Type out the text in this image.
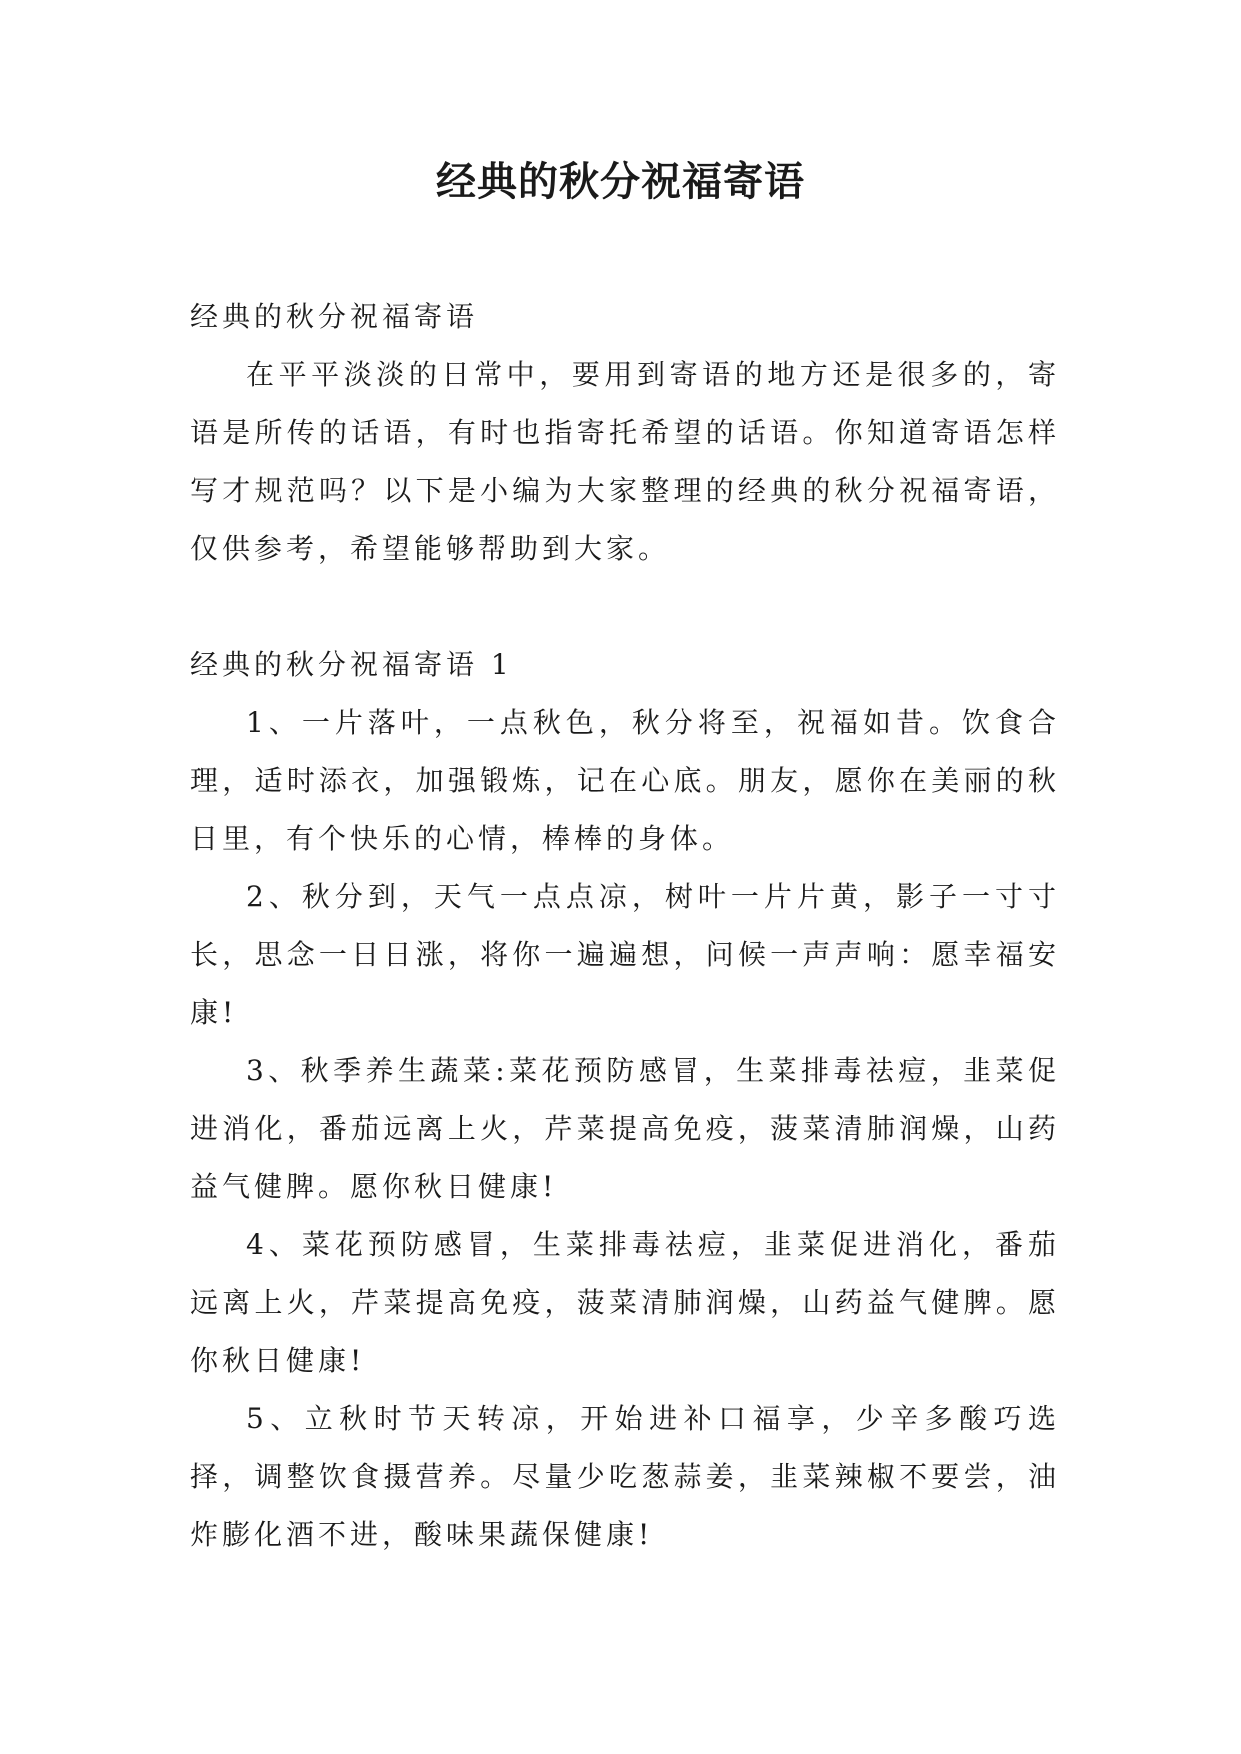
经典的秋分祝福寄语

经典的秋分祝福寄语

在平平淡淡的日常中，要用到寄语的地方还是很多的，寄语是所传的话语，有时也指寄托希望的话语。你知道寄语怎样写才规范吗？以下是小编为大家整理的经典的秋分祝福寄语，仅供参考，希望能够帮助到大家。

经典的秋分祝福寄语 1

1、一片落叶，一点秋色，秋分将至，祝福如昔。饮食合理，适时添衣，加强锻炼，记在心底。朋友，愿你在美丽的秋日里，有个快乐的心情，棒棒的身体。

2、秋分到，天气一点点凉，树叶一片片黄，影子一寸寸长，思念一日日涨，将你一遍遍想，问候一声声响：愿幸福安康!

3、秋季养生蔬菜:菜花预防感冒，生菜排毒祛痘，韭菜促进消化，番茄远离上火，芹菜提高免疫，菠菜清肺润燥，山药益气健脾。愿你秋日健康!

4、菜花预防感冒，生菜排毒祛痘，韭菜促进消化，番茄远离上火，芹菜提高免疫，菠菜清肺润燥，山药益气健脾。愿你秋日健康!

5、立秋时节天转凉，开始进补口福享，少辛多酸巧选择，调整饮食摄营养。尽量少吃葱蒜姜，韭菜辣椒不要尝，油炸膨化酒不进，酸味果蔬保健康!
